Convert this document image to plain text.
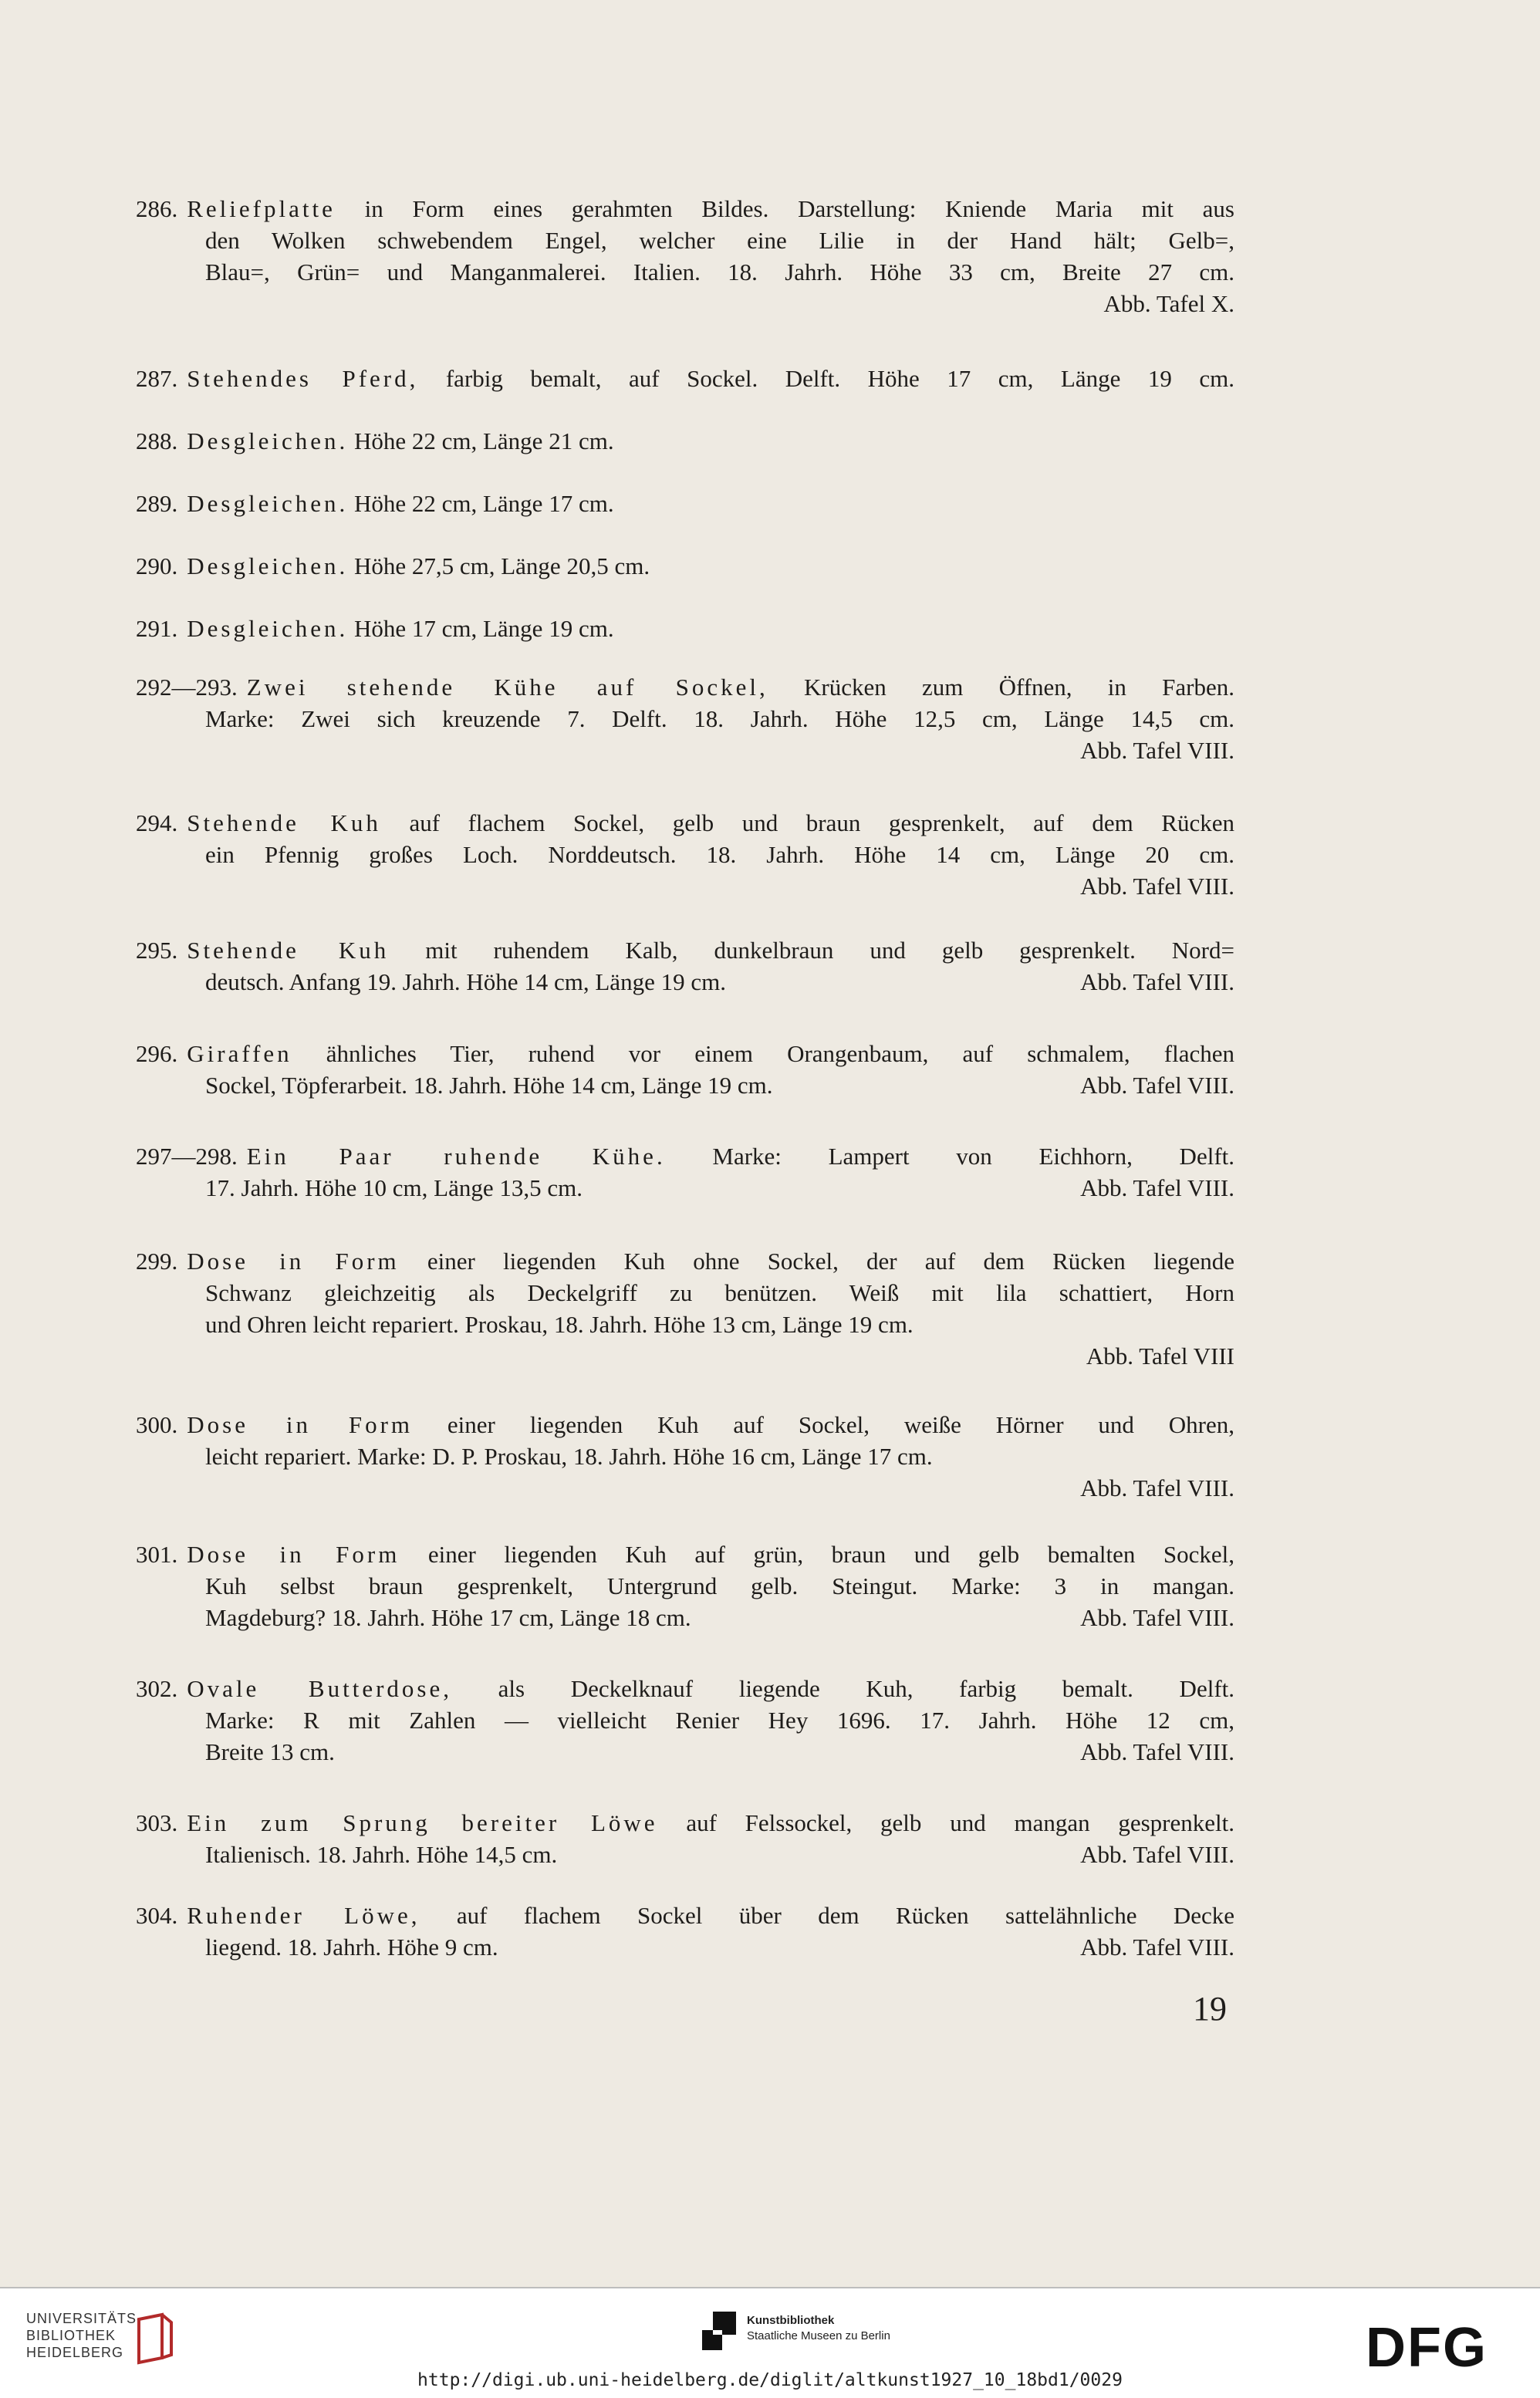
286. Reliefplatte in Form eines gerahmten Bildes. Darstellung: Kniende Maria mit aus
den Wolken schwebendem Engel, welcher eine Lilie in der Hand hält; Gelb=,
Blau=, Grün= und Manganmalerei. Italien. 18. Jahrh. Höhe 33 cm, Breite 27 cm.
Abb. Tafel X.
287. Stehendes Pferd, farbig bemalt, auf Sockel. Delft. Höhe 17 cm, Länge 19 cm.
288. Desgleichen. Höhe 22 cm, Länge 21 cm.
289. Desgleichen. Höhe 22 cm, Länge 17 cm.
290. Desgleichen. Höhe 27,5 cm, Länge 20,5 cm.
291. Desgleichen. Höhe 17 cm, Länge 19 cm.
292—293. Zwei stehende Kühe auf Sockel, Krücken zum Öffnen, in Farben.
Marke: Zwei sich kreuzende 7. Delft. 18. Jahrh. Höhe 12,5 cm, Länge 14,5 cm.
Abb. Tafel VIII.
294. Stehende Kuh auf flachem Sockel, gelb und braun gesprenkelt, auf dem Rücken
ein Pfennig großes Loch. Norddeutsch. 18. Jahrh. Höhe 14 cm, Länge 20 cm.
Abb. Tafel VIII.
295. Stehende Kuh mit ruhendem Kalb, dunkelbraun und gelb gesprenkelt. Nord=
deutsch. Anfang 19. Jahrh. Höhe 14 cm, Länge 19 cm.	Abb. Tafel VIII.
296. Giraffen ähnliches Tier, ruhend vor einem Orangenbaum, auf schmalem, flachen
Sockel, Töpferarbeit. 18. Jahrh. Höhe 14 cm, Länge 19 cm.	Abb. Tafel VIII.
297—298. Ein Paar ruhende Kühe. Marke: Lampert von Eichhorn, Delft.
17. Jahrh. Höhe 10 cm, Länge 13,5 cm.	Abb. Tafel VIII.
299. Dose in Form einer liegenden Kuh ohne Sockel, der auf dem Rücken liegende
Schwanz gleichzeitig als Deckelgriff zu benützen. Weiß mit lila schattiert, Horn
und Ohren leicht repariert. Proskau, 18. Jahrh. Höhe 13 cm, Länge 19 cm.
Abb. Tafel VIII
300. Dose in Form einer liegenden Kuh auf Sockel, weiße Hörner und Ohren,
leicht repariert. Marke: D. P. Proskau, 18. Jahrh. Höhe 16 cm, Länge 17 cm.
Abb. Tafel VIII.
301. Dose in Form einer liegenden Kuh auf grün, braun und gelb bemalten Sockel,
Kuh selbst braun gesprenkelt, Untergrund gelb. Steingut. Marke: 3 in mangan.
Magdeburg? 18. Jahrh. Höhe 17 cm, Länge 18 cm.	Abb. Tafel VIII.
302. Ovale Butterdose, als Deckelknauf liegende Kuh, farbig bemalt. Delft.
Marke: R mit Zahlen — vielleicht Renier Hey 1696. 17. Jahrh. Höhe 12 cm,
Breite 13 cm.	Abb. Tafel VIII.
303. Ein zum Sprung bereiter Löwe auf Felssockel, gelb und mangan gesprenkelt.
Italienisch. 18. Jahrh. Höhe 14,5 cm.	Abb. Tafel VIII.
304. Ruhender Löwe, auf flachem Sockel über dem Rücken sattelähnliche Decke
liegend. 18. Jahrh. Höhe 9 cm.	Abb. Tafel VIII.
19
UNIVERSITÄTS-
BIBLIOTHEK
HEIDELBERG
Kunstbibliothek
Staatliche Museen zu Berlin	DFG
http://digi.ub.uni-heidelberg.de/diglit/altkunst1927_10_18bd1/0029
